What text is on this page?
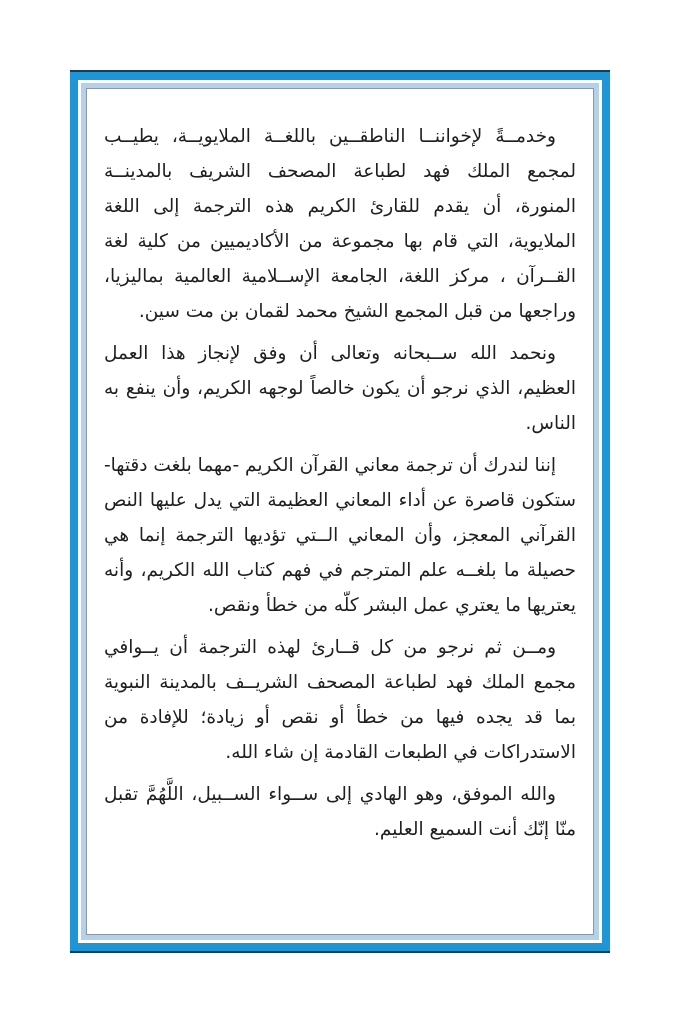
وخدمــةً لإخواننــا الناطقــين باللغــة الملايويــة، يطيــب لمجمع الملك فهد لطباعة المصحف الشريف بالمدينــة المنورة، أن يقدم للقارئ الكريم هذه الترجمة إلى اللغة الملايوية، التي قام بها مجموعة من الأكاديميين من كلية لغة القــرآن ، مركز اللغة، الجامعة الإســلامية العالمية بماليزيا، وراجعها من قبل المجمع الشيخ محمد لقمان بن مت سين.

ونحمد الله ســبحانه وتعالى أن وفق لإنجاز هذا العمل العظيم، الذي نرجو أن يكون خالصاً لوجهه الكريم، وأن ينفع به الناس.

إننا لندرك أن ترجمة معاني القرآن الكريم -مهما بلغت دقتها- ستكون قاصرة عن أداء المعاني العظيمة التي يدل عليها النص القرآني المعجز، وأن المعاني الــتي تؤديها الترجمة إنما هي حصيلة ما بلغــه علم المترجم في فهم كتاب الله الكريم، وأنه يعتريها ما يعتري عمل البشر كلّه من خطأ ونقص.

ومــن ثم نرجو من كل قــارئ لهذه الترجمة أن يــوافي مجمع الملك فهد لطباعة المصحف الشريــف بالمدينة النبوية بما قد يجده فيها من خطأ أو نقص أو زيادة؛ للإفادة من الاستدراكات في الطبعات القادمة إن شاء الله.

والله الموفق، وهو الهادي إلى ســواء الســبيل، اللَّهُمَّ تقبل منّا إنّك أنت السميع العليم.
